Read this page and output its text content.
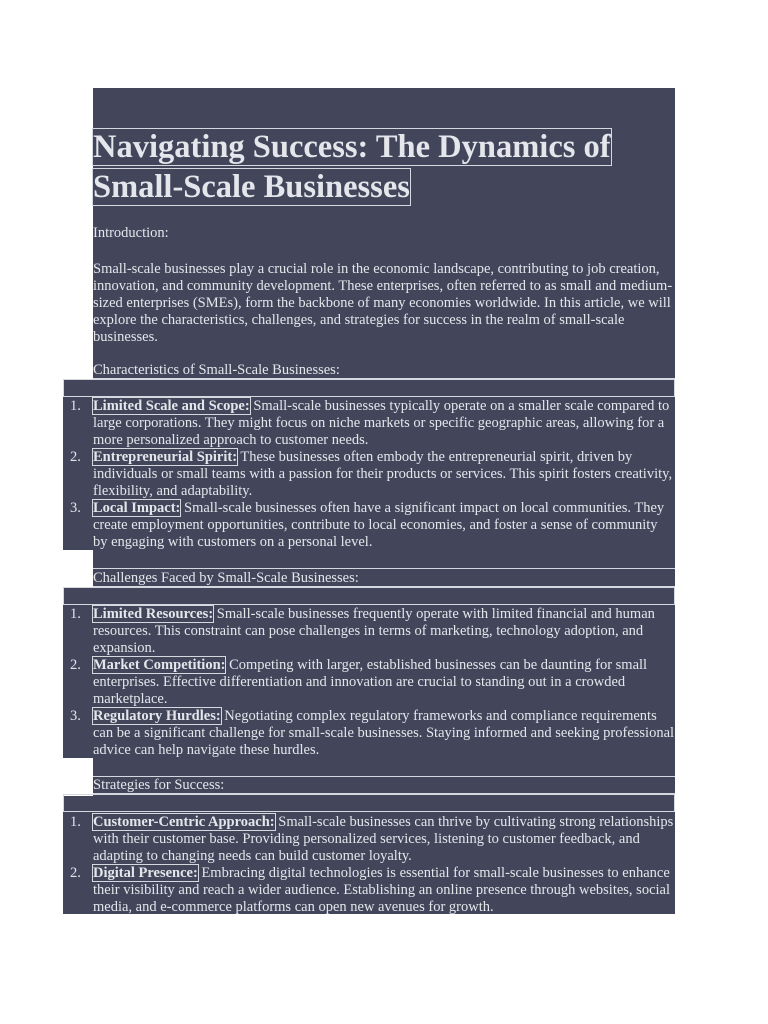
Navigating Success: The Dynamics of
Small-Scale Businesses

Introduction:

Small-scale businesses play a crucial role in the economic landscape, contributing to job creation, innovation, and community development. These enterprises, often referred to as small and medium-sized enterprises (SMEs), form the backbone of many economies worldwide. In this article, we will explore the characteristics, challenges, and strategies for success in the realm of small-scale businesses.

Characteristics of Small-Scale Businesses:

1. Limited Scale and Scope: Small-scale businesses typically operate on a smaller scale compared to large corporations. They might focus on niche markets or specific geographic areas, allowing for a more personalized approach to customer needs.
2. Entrepreneurial Spirit: These businesses often embody the entrepreneurial spirit, driven by individuals or small teams with a passion for their products or services. This spirit fosters creativity, flexibility, and adaptability.
3. Local Impact: Small-scale businesses often have a significant impact on local communities. They create employment opportunities, contribute to local economies, and foster a sense of community by engaging with customers on a personal level.

Challenges Faced by Small-Scale Businesses:

1. Limited Resources: Small-scale businesses frequently operate with limited financial and human resources. This constraint can pose challenges in terms of marketing, technology adoption, and expansion.
2. Market Competition: Competing with larger, established businesses can be daunting for small enterprises. Effective differentiation and innovation are crucial to standing out in a crowded marketplace.
3. Regulatory Hurdles: Negotiating complex regulatory frameworks and compliance requirements can be a significant challenge for small-scale businesses. Staying informed and seeking professional advice can help navigate these hurdles.

Strategies for Success:

1. Customer-Centric Approach: Small-scale businesses can thrive by cultivating strong relationships with their customer base. Providing personalized services, listening to customer feedback, and adapting to changing needs can build customer loyalty.
2. Digital Presence: Embracing digital technologies is essential for small-scale businesses to enhance their visibility and reach a wider audience. Establishing an online presence through websites, social media, and e-commerce platforms can open new avenues for growth.
